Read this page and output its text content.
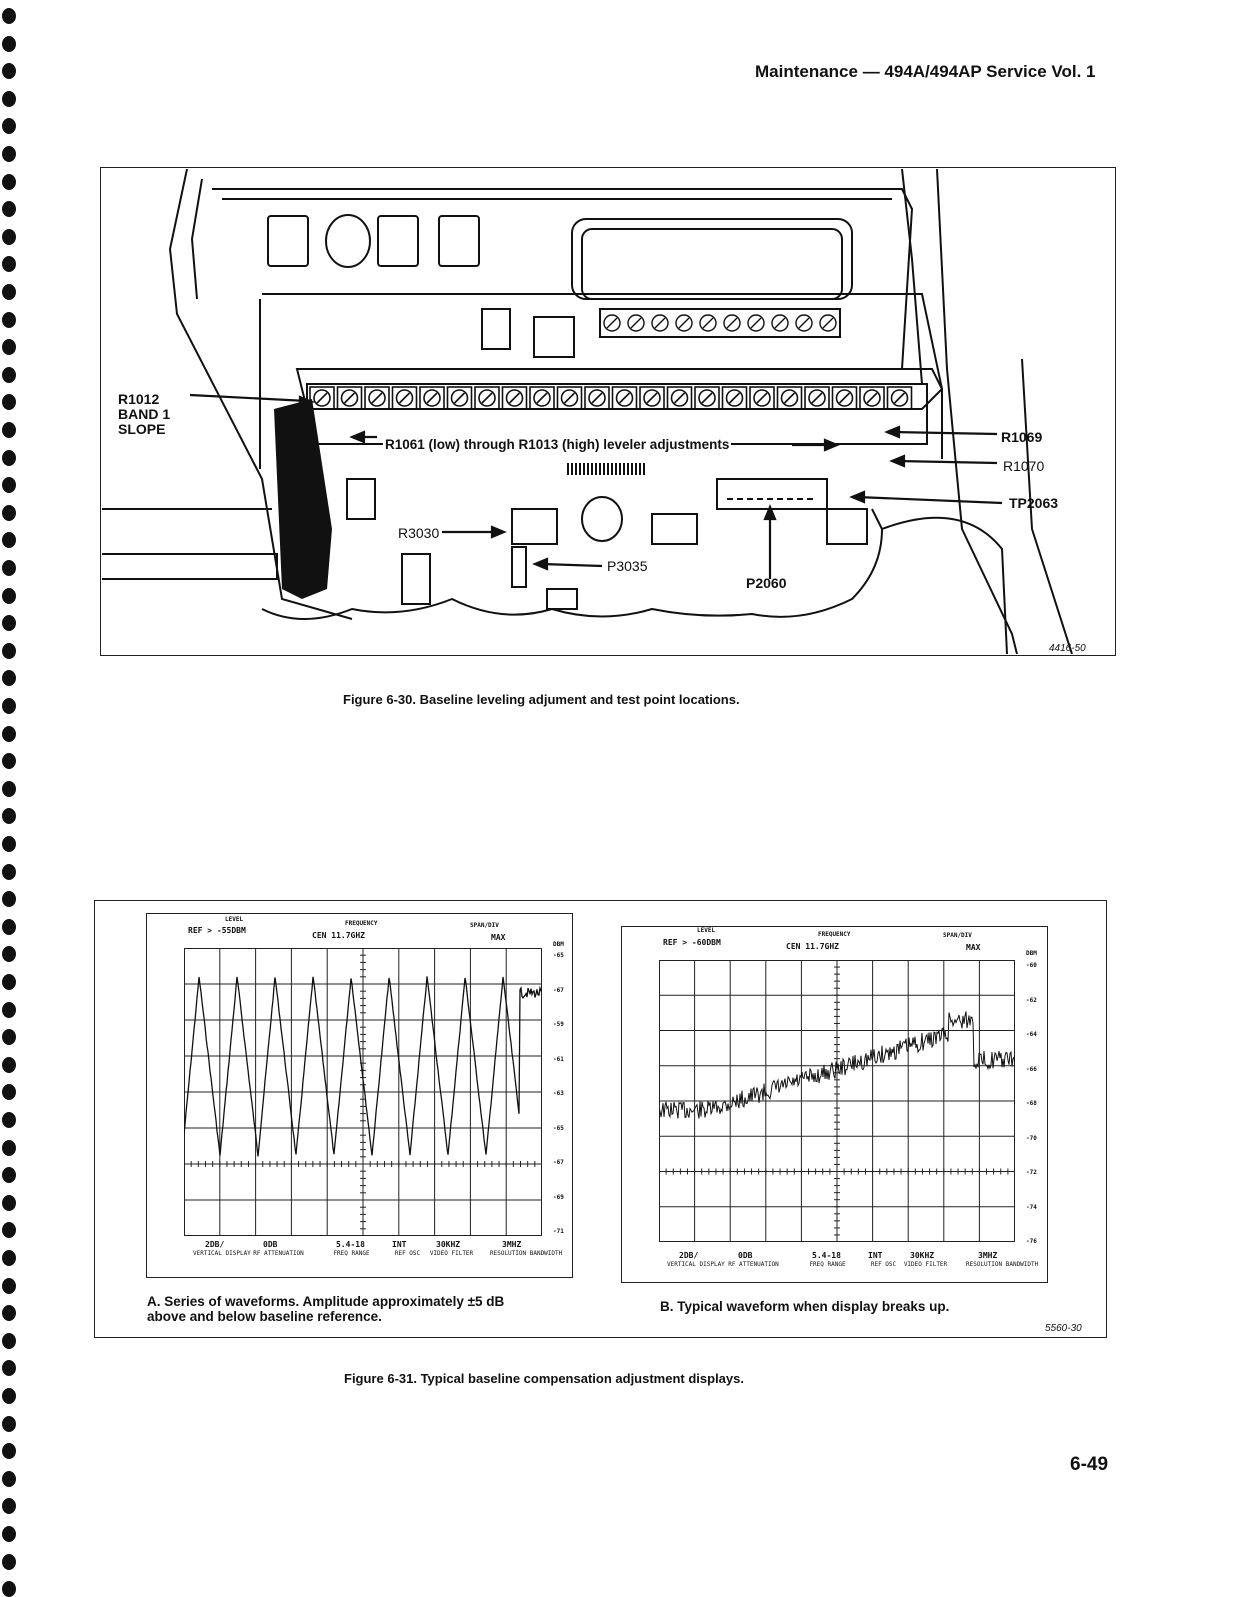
Maintenance — 494A/494AP Service Vol. 1
R1012
BAND 1
SLOPE
R1061 (low) through R1013 (high) leveler adjustments	R1069
R1070
TP2063
R3030
P3035
P2060
4416-50
Figure 6-30. Baseline leveling adjument and test point locations.
LEVEL
REF > -55DBM
FREQUENCY
CEN 11.7GHZ
SPAN/DIV
MAX
DBM
-65
-67
-59
-61
-63
-65
-67
-69
-71
2DB/
VERTICAL DISPLAY
0DB
RF ATTENUATION
5.4-18
FREQ RANGE
INT
REF OSC
30KHZ
VIDEO FILTER
3MHZ
RESOLUTION BANDWIDTH
A. Series of waveforms. Amplitude approximately ±5 dB
above and below baseline reference.
LEVEL
REF > -60DBM
FREQUENCY
CEN 11.7GHZ
SPAN/DIV
MAX
DBM
-60
-62
-64
-66
-68
-70
-72
-74
-76
2DB/
VERTICAL DISPLAY
0DB
RF ATTENUATION
5.4-18
FREQ RANGE
INT
REF OSC
30KHZ
VIDEO FILTER
3MHZ
RESOLUTION BANDWIDTH
B. Typical waveform when display breaks up.
5560-30
Figure 6-31. Typical baseline compensation adjustment displays.
6-49
